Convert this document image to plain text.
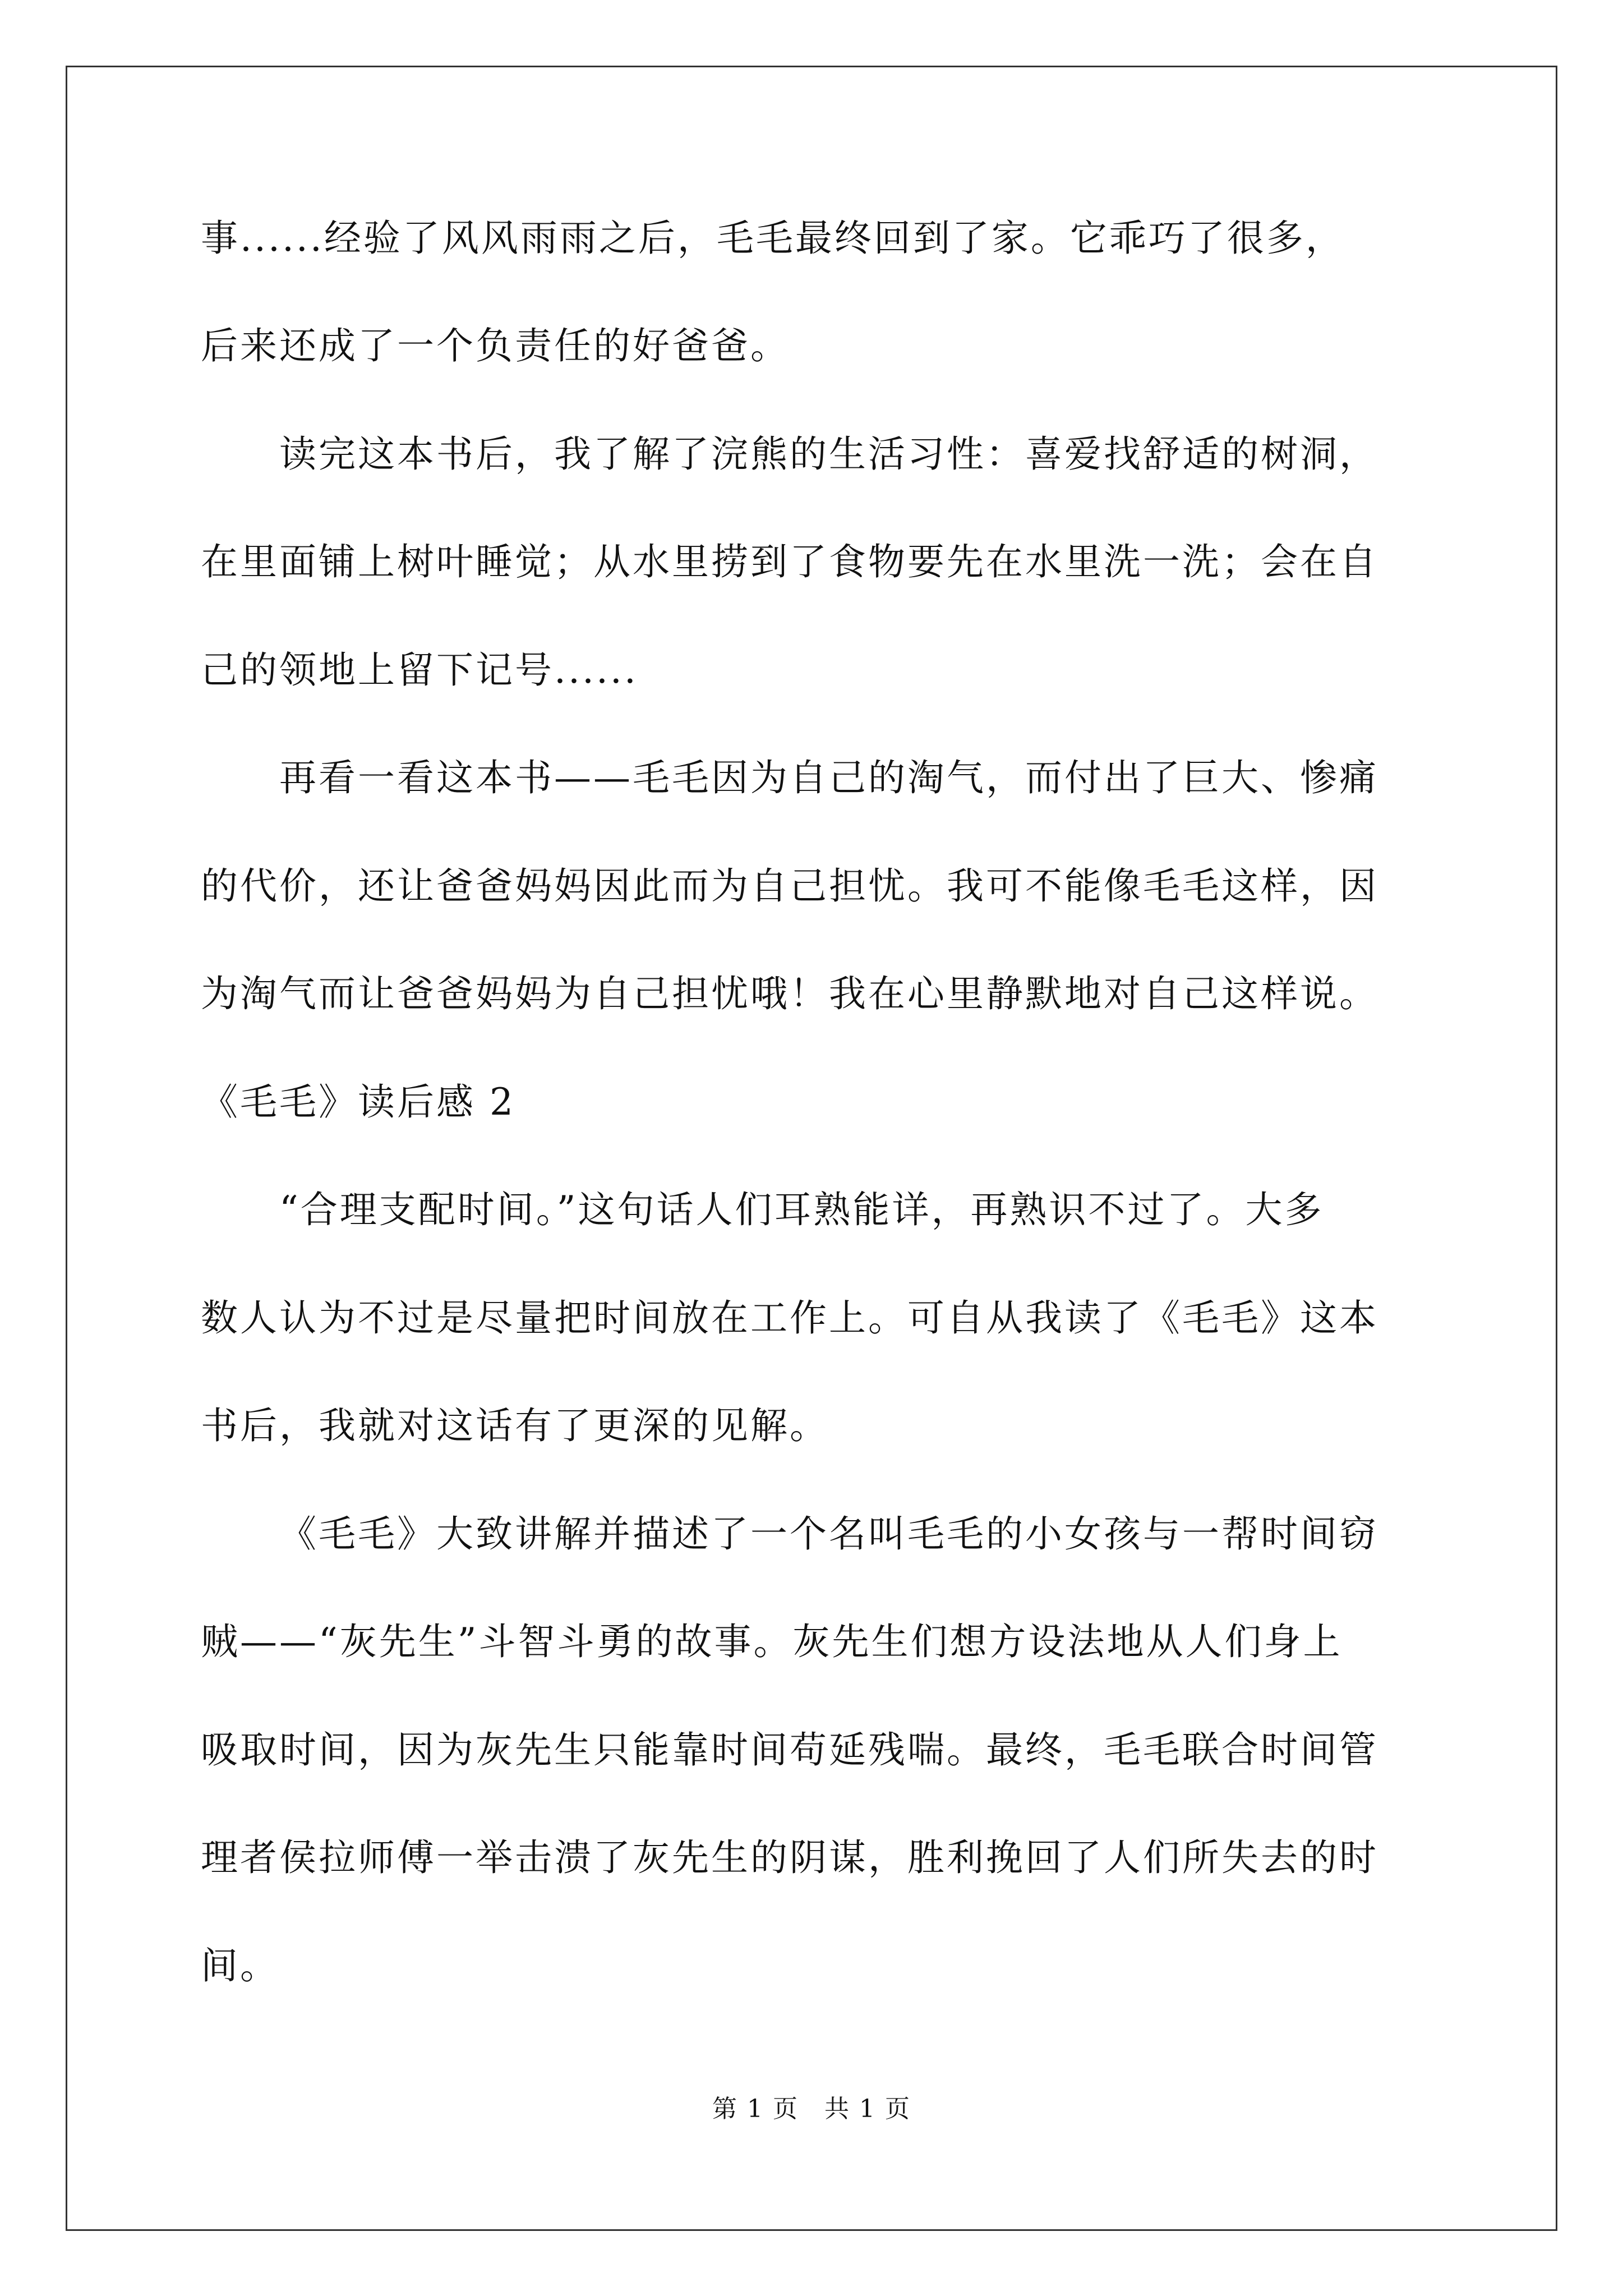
事......经验了风风雨雨之后，毛毛最终回到了家。它乖巧了很多，
后来还成了一个负责任的好爸爸。
读完这本书后，我了解了浣熊的生活习性：喜爱找舒适的树洞，
在里面铺上树叶睡觉；从水里捞到了食物要先在水里洗一洗；会在自
己的领地上留下记号......
再看一看这本书——毛毛因为自己的淘气，而付出了巨大、惨痛
的代价，还让爸爸妈妈因此而为自己担忧。我可不能像毛毛这样，因
为淘气而让爸爸妈妈为自己担忧哦！我在心里静默地对自己这样说。
《毛毛》读后感 2
“合理支配时间。”这句话人们耳熟能详，再熟识不过了。大多
数人认为不过是尽量把时间放在工作上。可自从我读了《毛毛》这本
书后，我就对这话有了更深的见解。
《毛毛》大致讲解并描述了一个名叫毛毛的小女孩与一帮时间窃
贼——“灰先生”斗智斗勇的故事。灰先生们想方设法地从人们身上
吸取时间，因为灰先生只能靠时间苟延残喘。最终，毛毛联合时间管
理者侯拉师傅一举击溃了灰先生的阴谋，胜利挽回了人们所失去的时
间。
第 1 页　共 1 页
